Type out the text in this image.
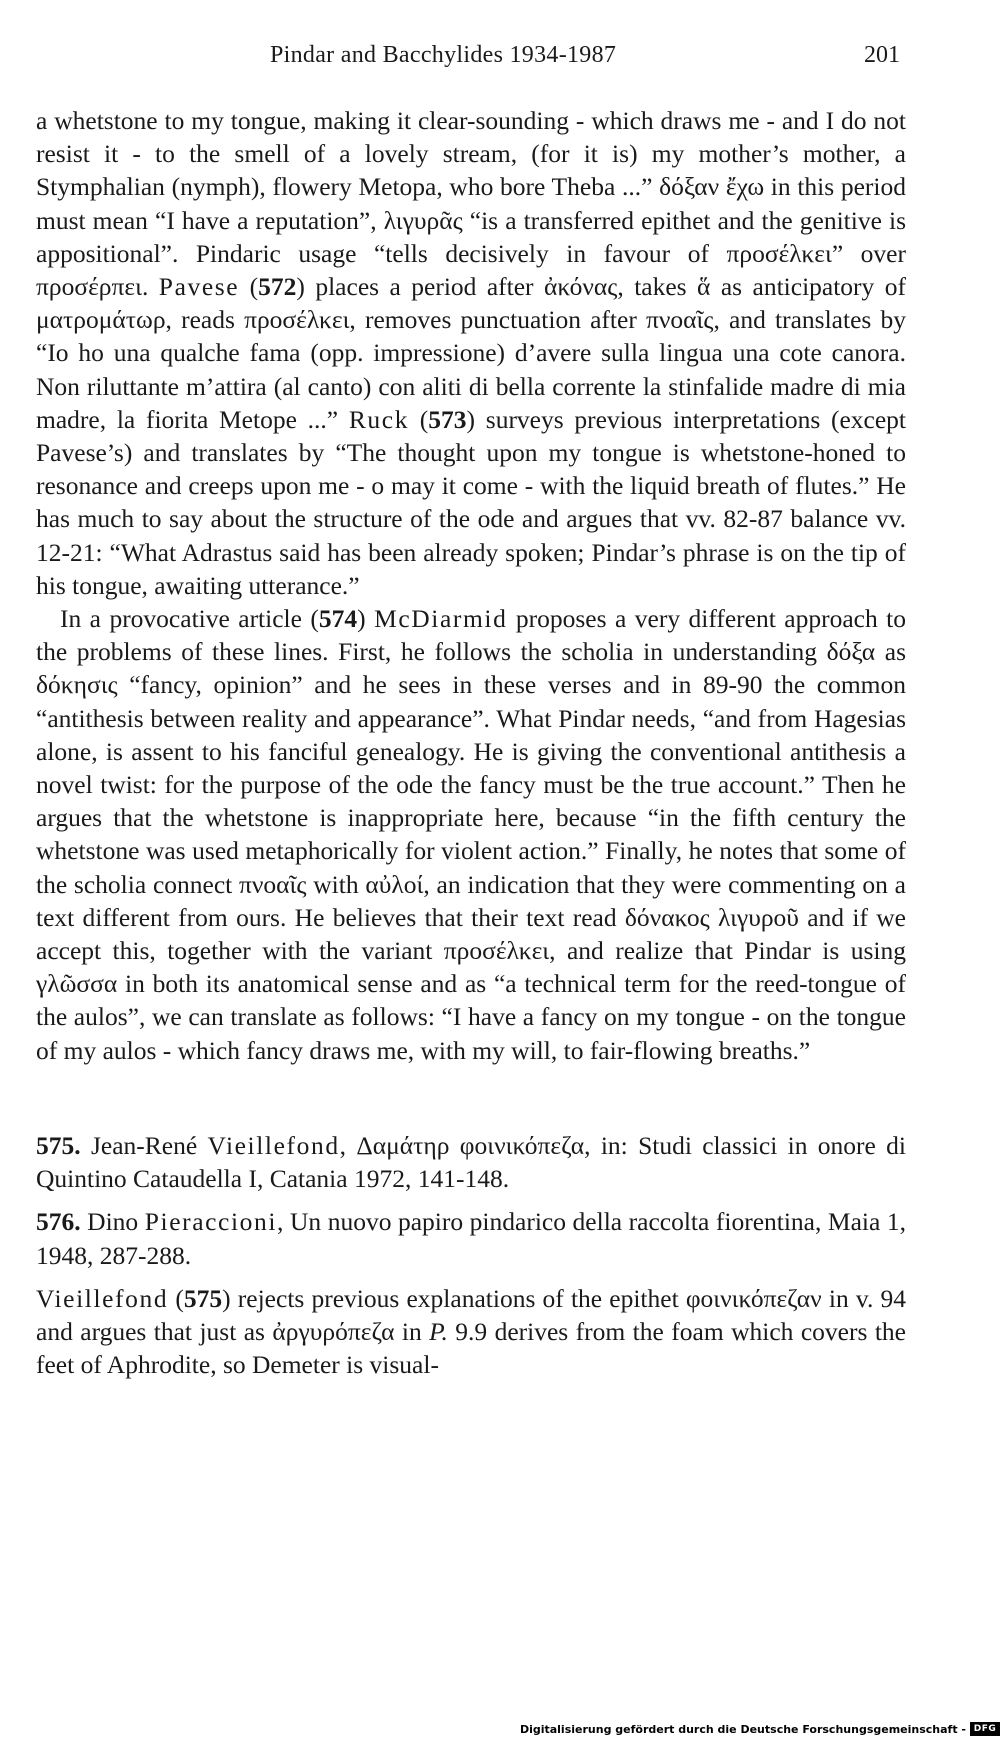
Pindar and Bacchylides 1934-1987	201

a whetstone to my tongue, making it clear-sounding - which draws me - and I do not resist it - to the smell of a lovely stream, (for it is) my mother’s mother, a Stymphalian (nymph), flowery Metopa, who bore Theba ...” δόξαν ἔχω in this period must mean “I have a reputation”, λιγυρᾶς “is a transferred epithet and the genitive is appositional”. Pindaric usage “tells decisively in favour of προσέλκει” over προσέρπει. Pavese (572) places a period after ἀκόνας, takes ἅ as anticipatory of ματρομάτωρ, reads προσέλκει, removes punctuation after πνοαῖς, and translates by “Io ho una qualche fama (opp. impressione) d’avere sulla lingua una cote canora. Non riluttante m’attira (al canto) con aliti di bella corrente la stinfalide madre di mia madre, la fiorita Metope ...” Ruck (573) surveys previous interpretations (except Pavese’s) and translates by “The thought upon my tongue is whetstone-honed to resonance and creeps upon me - o may it come - with the liquid breath of flutes.” He has much to say about the structure of the ode and argues that vv. 82-87 balance vv. 12-21: “What Adrastus said has been already spoken; Pindar’s phrase is on the tip of his tongue, awaiting utterance.”

In a provocative article (574) McDiarmid proposes a very different approach to the problems of these lines. First, he follows the scholia in understanding δόξα as δόκησις “fancy, opinion” and he sees in these verses and in 89-90 the common “antithesis between reality and appearance”. What Pindar needs, “and from Hagesias alone, is assent to his fanciful genealogy. He is giving the conventional antithesis a novel twist: for the purpose of the ode the fancy must be the true account.” Then he argues that the whetstone is inappropriate here, because “in the fifth century the whetstone was used metaphorically for violent action.” Finally, he notes that some of the scholia connect πνοαῖς with αὐλοί, an indication that they were commenting on a text different from ours. He believes that their text read δόνακος λιγυροῦ and if we accept this, together with the variant προσέλκει, and realize that Pindar is using γλῶσσα in both its anatomical sense and as “a technical term for the reed-tongue of the aulos”, we can translate as follows: “I have a fancy on my tongue - on the tongue of my aulos - which fancy draws me, with my will, to fair-flowing breaths.”

575. Jean-René Vieillefond, Δαμάτηρ φοινικόπεζα, in: Studi classici in onore di Quintino Cataudella I, Catania 1972, 141-148.

576. Dino Pieraccioni, Un nuovo papiro pindarico della raccolta fiorentina, Maia 1, 1948, 287-288.

Vieillefond (575) rejects previous explanations of the epithet φοινικόπεζαν in v. 94 and argues that just as ἀργυρόπεζα in P. 9.9 derives from the foam which covers the feet of Aphrodite, so Demeter is visual-

Digitalisierung gefördert durch die Deutsche Forschungsgemeinschaft - DFG
